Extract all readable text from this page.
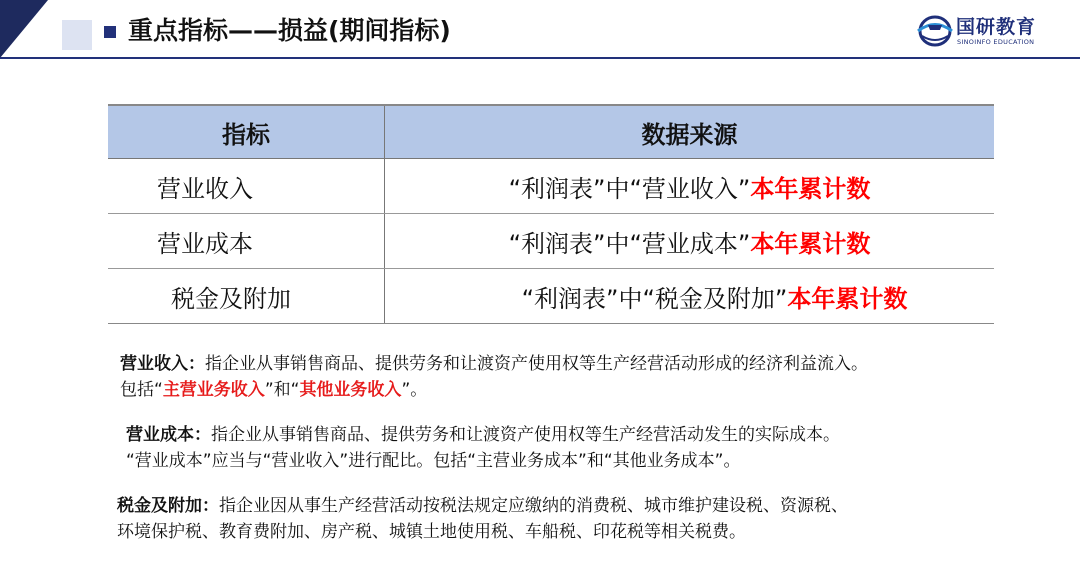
重点指标——损益(期间指标)	国研教育
SINOINFO EDUCATION
指标	数据来源
营业收入	“利润表”中“营业收入” 本年累计数
营业成本	“利润表”中“营业成本” 本年累计数
税金及附加	“利润表”中“税金及附加” 本年累计数
营业收入：指企业从事销售商品、提供劳务和让渡资产使用权等生产经营活动形成的经济利益流入。
包括“主营业务收入”和“其他业务收入”。
营业成本：指企业从事销售商品、提供劳务和让渡资产使用权等生产经营活动发生的实际成本。
“营业成本”应当与“营业收入”进行配比。包括“主营业务成本”和“其他业务成本”。
税金及附加：指企业因从事生产经营活动按税法规定应缴纳的消费税、城市维护建设税、资源税、
环境保护税、教育费附加、房产税、城镇土地使用税、车船税、印花税等相关税费。
